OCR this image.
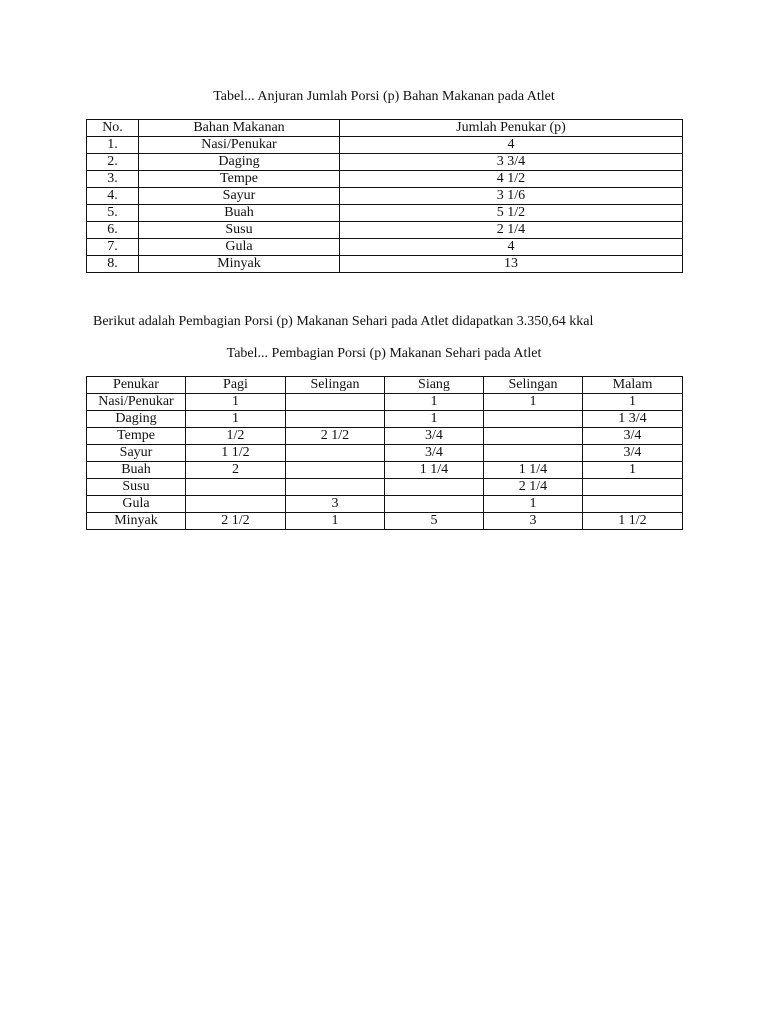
Tabel... Anjuran Jumlah Porsi (p) Bahan Makanan pada Atlet
No.	Bahan Makanan	Jumlah Penukar (p)
1.	Nasi/Penukar	4
2.	Daging	3 3/4
3.	Tempe	4 1/2
4.	Sayur	3 1/6
5.	Buah	5 1/2
6.	Susu	2 1/4
7.	Gula	4
8.	Minyak	13
Berikut adalah Pembagian Porsi (p) Makanan Sehari pada Atlet didapatkan 3.350,64 kkal
Tabel... Pembagian Porsi (p) Makanan Sehari pada Atlet
Penukar	Pagi	Selingan	Siang	Selingan	Malam
Nasi/Penukar	1		1	1	1
Daging	1		1		1 3/4
Tempe	1/2	2 1/2	3/4		3/4
Sayur	1 1/2		3/4		3/4
Buah	2		1 1/4	1 1/4	1
Susu				2 1/4	
Gula		3		1	
Minyak	2 1/2	1	5	3	1 1/2
